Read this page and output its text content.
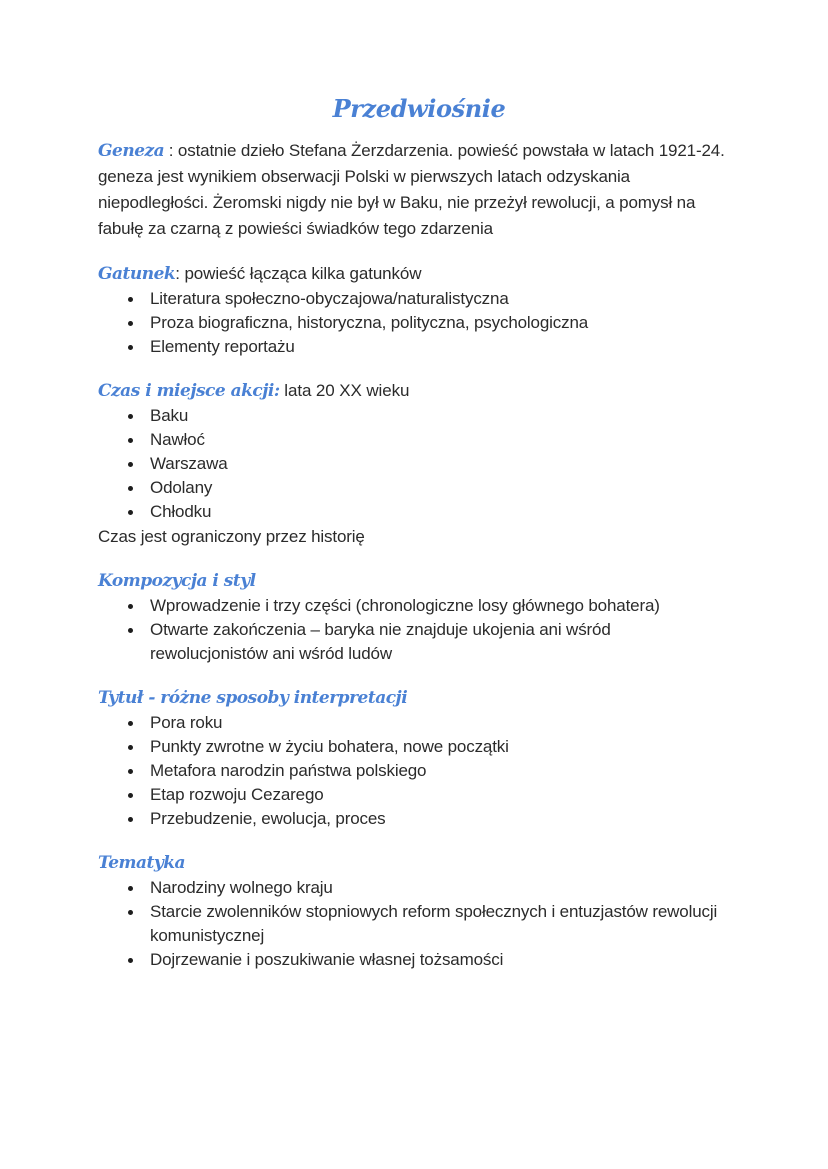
Przedwiośnie

Geneza : ostatnie dzieło Stefana Żerzdarzenia. powieść powstała w latach 1921-24. geneza jest wynikiem obserwacji Polski w pierwszych latach odzyskania niepodległości. Żeromski nigdy nie był w Baku, nie przeżył rewolucji, a pomysł na fabułę za czarną z powieści świadków tego zdarzenia

Gatunek: powieść łącząca kilka gatunków

Literatura społeczno-obyczajowa/naturalistyczna
Proza biograficzna, historyczna, polityczna, psychologiczna
Elementy reportażu

Czas i miejsce akcji: lata 20 XX wieku

Baku
Nawłoć
Warszawa
Odolany
Chłodku

Czas jest ograniczony przez historię

Kompozycja i styl

Wprowadzenie i trzy części (chronologiczne losy głównego bohatera)
Otwarte zakończenia – baryka nie znajduje ukojenia ani wśród rewolucjonistów ani wśród ludów

Tytuł - różne sposoby interpretacji

Pora roku
Punkty zwrotne w życiu bohatera, nowe początki
Metafora narodzin państwa polskiego
Etap rozwoju Cezarego
Przebudzenie, ewolucja, proces

Tematyka

Narodziny wolnego kraju
Starcie zwolenników stopniowych reform społecznych i entuzjastów rewolucji komunistycznej
Dojrzewanie i poszukiwanie własnej tożsamości
